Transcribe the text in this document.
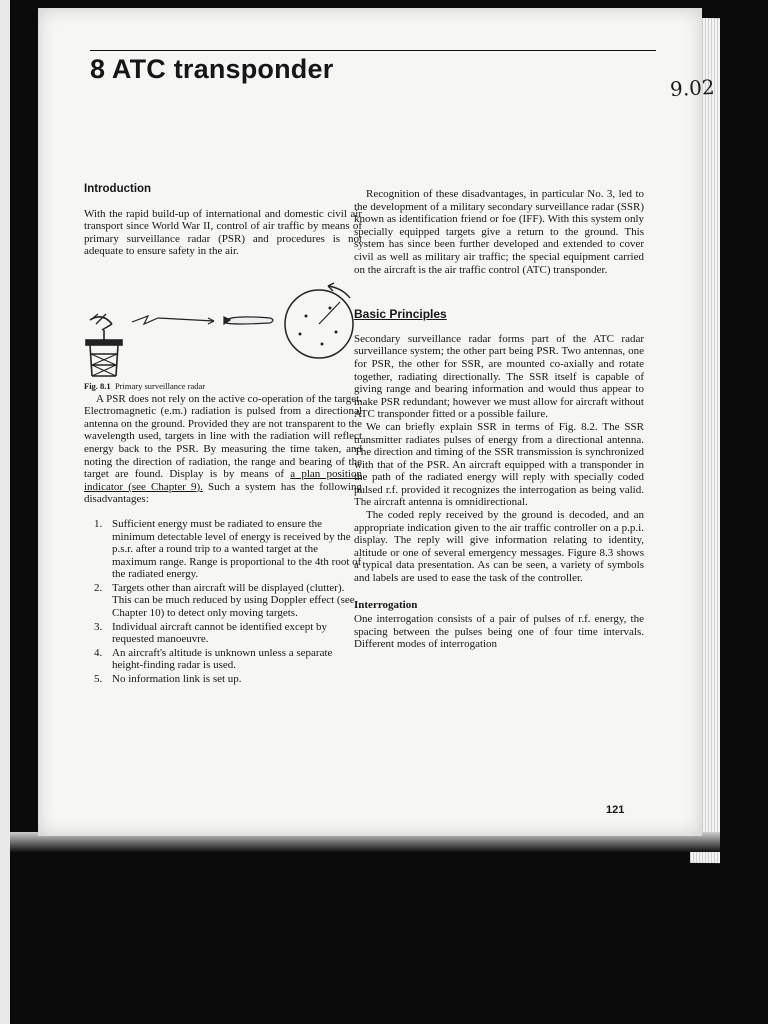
8 ATC transponder
9.02
Introduction

With the rapid build-up of international and domestic civil air transport since World War II, control of air traffic by means of primary surveillance radar (PSR) and procedures is not adequate to ensure safety in the air.

Fig. 8.1 Primary surveillance radar

A PSR does not rely on the active co-operation of the target. Electromagnetic (e.m.) radiation is pulsed from a directional antenna on the ground. Provided they are not transparent to the wavelength used, targets in line with the radiation will reflect energy back to the PSR. By measuring the time taken, and noting the direction of radiation, the range and bearing of the target are found. Display is by means of a plan position indicator (see Chapter 9). Such a system has the following disadvantages:

1. Sufficient energy must be radiated to ensure the minimum detectable level of energy is received by the p.s.r. after a round trip to a wanted target at the maximum range. Range is proportional to the 4th root of the radiated energy.
2. Targets other than aircraft will be displayed (clutter). This can be much reduced by using Doppler effect (see Chapter 10) to detect only moving targets.
3. Individual aircraft cannot be identified except by requested manoeuvre.
4. An aircraft's altitude is unknown unless a separate height-finding radar is used.
5. No information link is set up.

Recognition of these disadvantages, in particular No. 3, led to the development of a military secondary surveillance radar (SSR) known as identification friend or foe (IFF). With this system only specially equipped targets give a return to the ground. This system has since been further developed and extended to cover civil as well as military air traffic; the special equipment carried on the aircraft is the air traffic control (ATC) transponder.

Basic Principles

Secondary surveillance radar forms part of the ATC radar surveillance system; the other part being PSR. Two antennas, one for PSR, the other for SSR, are mounted co-axially and rotate together, radiating directionally. The SSR itself is capable of giving range and bearing information and would thus appear to make PSR redundant; however we must allow for aircraft without ATC transponder fitted or a possible failure.

We can briefly explain SSR in terms of Fig. 8.2. The SSR transmitter radiates pulses of energy from a directional antenna. The direction and timing of the SSR transmission is synchronized with that of the PSR. An aircraft equipped with a transponder in the path of the radiated energy will reply with specially coded pulsed r.f. provided it recognizes the interrogation as being valid. The aircraft antenna is omnidirectional.

The coded reply received by the ground is decoded, and an appropriate indication given to the air traffic controller on a p.p.i. display. The reply will give information relating to identity, altitude or one of several emergency messages. Figure 8.3 shows a typical data presentation. As can be seen, a variety of symbols and labels are used to ease the task of the controller.

Interrogation

One interrogation consists of a pair of pulses of r.f. energy, the spacing between the pulses being one of four time intervals. Different modes of interrogation

121
